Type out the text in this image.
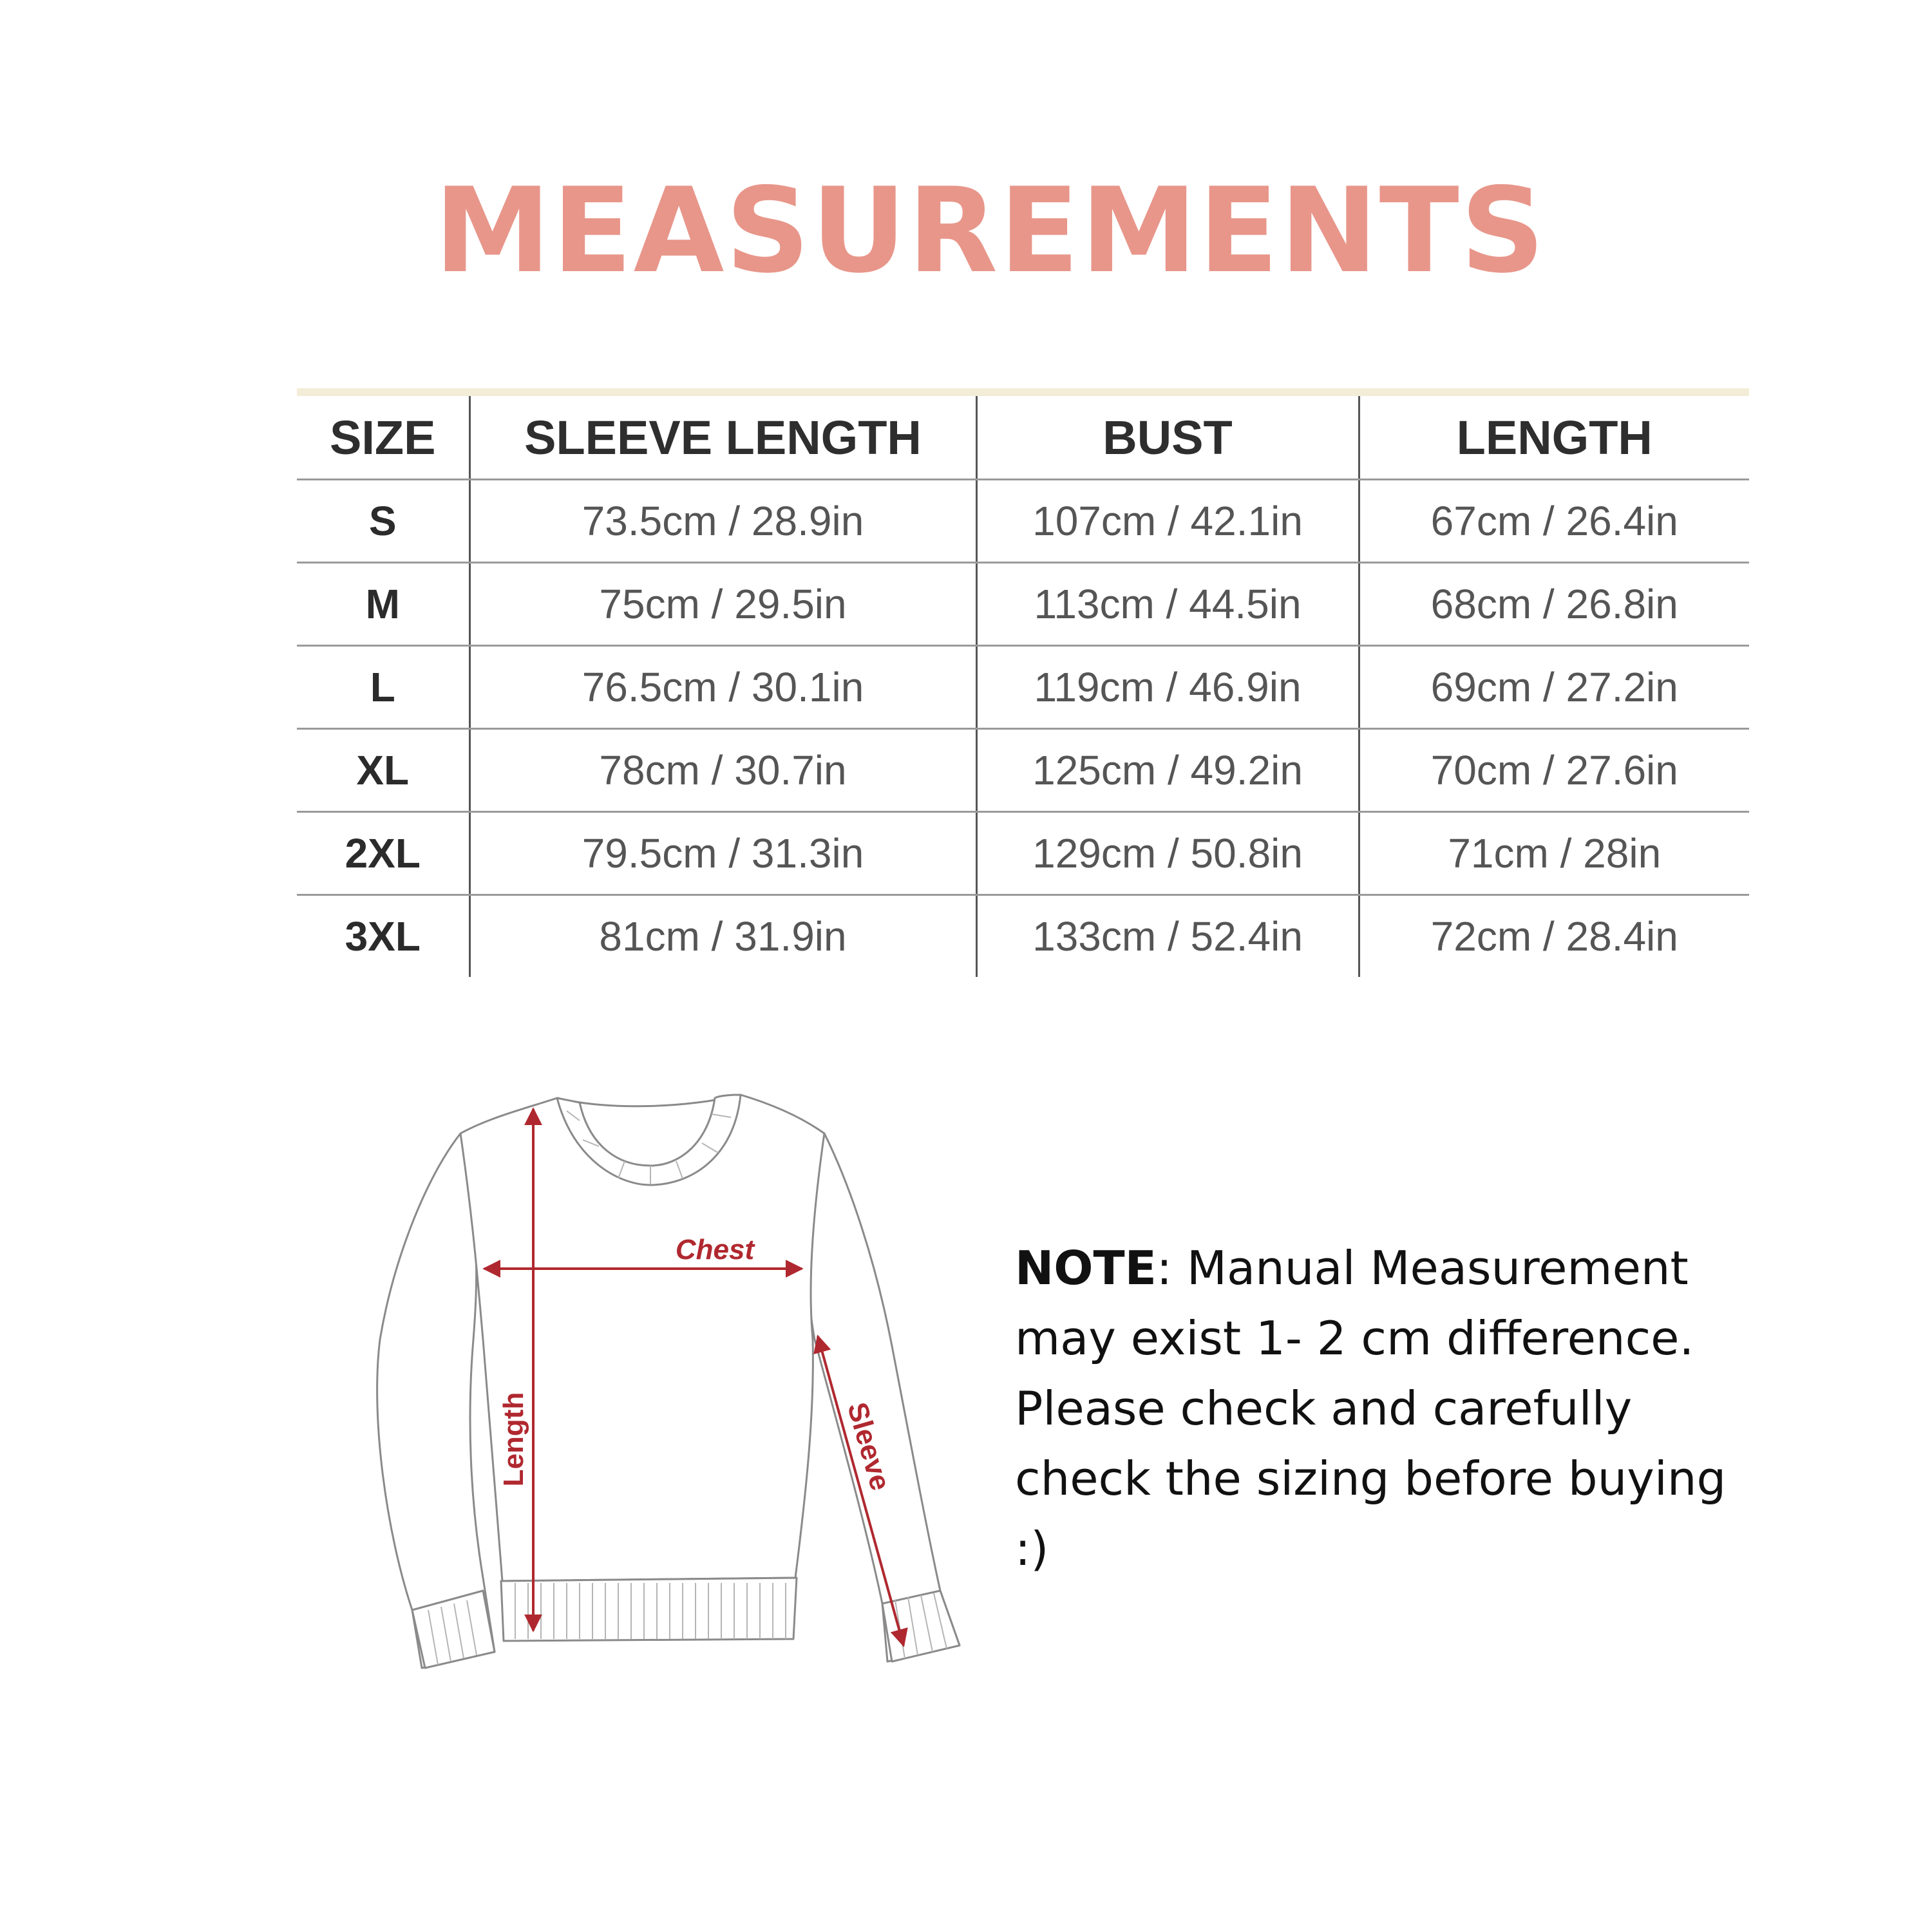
MEASUREMENTS
SIZE	SLEEVE LENGTH	BUST	LENGTH
S	73.5cm / 28.9in	107cm / 42.1in	67cm / 26.4in
M	75cm / 29.5in	113cm / 44.5in	68cm / 26.8in
L	76.5cm / 30.1in	119cm / 46.9in	69cm / 27.2in
XL	78cm / 30.7in	125cm / 49.2in	70cm / 27.6in
2XL	79.5cm / 31.3in	129cm / 50.8in	71cm / 28in
3XL	81cm / 31.9in	133cm / 52.4in	72cm / 28.4in
Chest
Length	Sleeve
NOTE: Manual Measurement may exist 1- 2 cm difference. Please check and carefully check the sizing before buying :)
